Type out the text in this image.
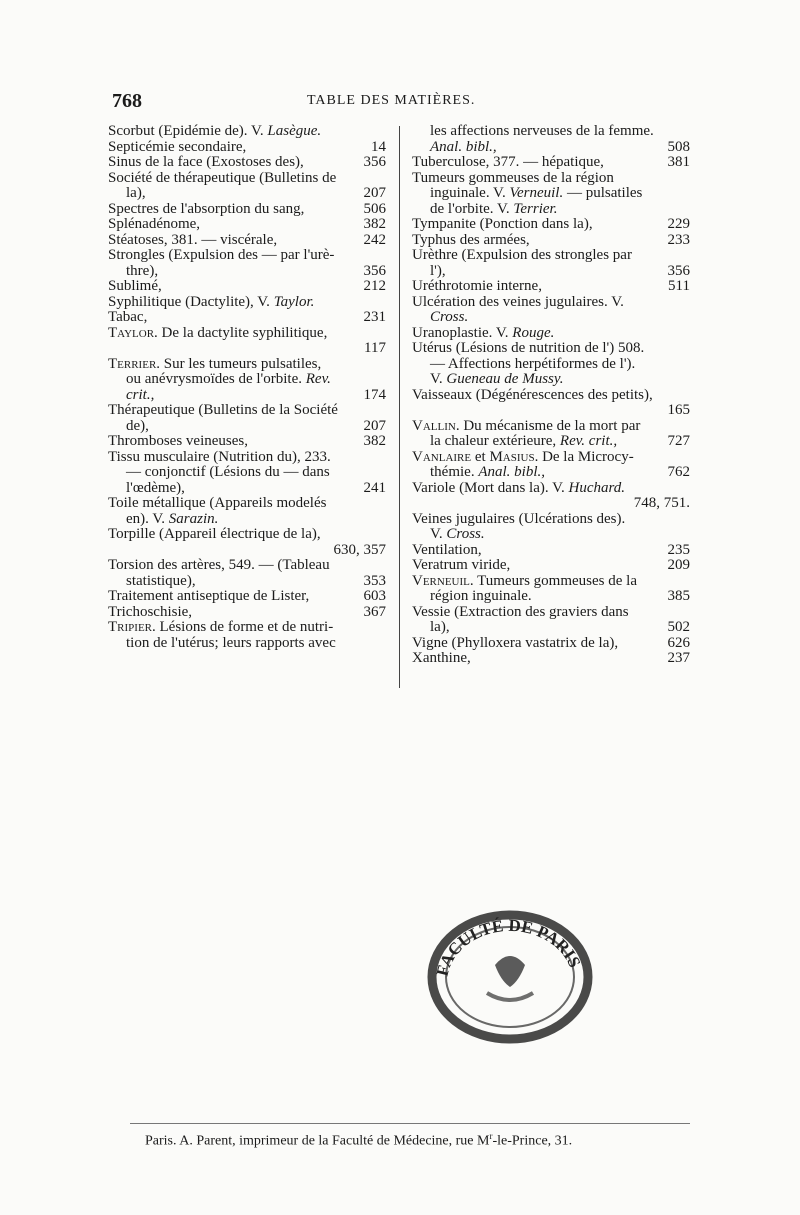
768	TABLE DES MATIÈRES.
Scorbut (Epidémie de). V. Lasègue.
14
Septicémie secondaire,
356
Sinus de la face (Exostoses des),
Société de thérapeutique (Bulletins de
207
la),
506
Spectres de l'absorption du sang,
382
Splénadénome,
242
Stéatoses, 381. — viscérale,
Strongles (Expulsion des — par l'urè-
356
thre),
212
Sublimé,
Syphilitique (Dactylite), V. Taylor.
231
Tabac,
Taylor. De la dactylite syphilitique,
117
Terrier. Sur les tumeurs pulsatiles,
ou anévrysmoïdes de l'orbite. Rev.
174
crit.,
Thérapeutique (Bulletins de la Société
207
de),
382
Thromboses veineuses,
Tissu musculaire (Nutrition du), 233.
— conjonctif (Lésions du — dans
241
l'œdème),
Toile métallique (Appareils modelés
en). V. Sarazin.
Torpille (Appareil électrique de la),
630, 357
Torsion des artères, 549. — (Tableau
353
statistique),
603
Traitement antiseptique de Lister,
367
Trichoschisie,
Tripier. Lésions de forme et de nutri-
tion de l'utérus; leurs rapports avec
les affections nerveuses de la femme.
508
Anal. bibl.,
381
Tuberculose, 377. — hépatique,
Tumeurs gommeuses de la région
inguinale. V. Verneuil. — pulsatiles
de l'orbite. V. Terrier.
229
Tympanite (Ponction dans la),
233
Typhus des armées,
Urèthre (Expulsion des strongles par
356
l'),
511
Uréthrotomie interne,
Ulcération des veines jugulaires. V.
Cross.
Uranoplastie. V. Rouge.
Utérus (Lésions de nutrition de l') 508.
— Affections herpétiformes de l').
V. Gueneau de Mussy.
Vaisseaux (Dégénérescences des petits),
165
Vallin. Du mécanisme de la mort par
727
la chaleur extérieure, Rev. crit.,
Vanlaire et Masius. De la Microcy-
762
thémie. Anal. bibl.,
Variole (Mort dans la). V. Huchard.
748, 751.
Veines jugulaires (Ulcérations des).
V. Cross.
235
Ventilation,
209
Veratrum viride,
Verneuil. Tumeurs gommeuses de la
385
région inguinale.
Vessie (Extraction des graviers dans
502
la),
626
Vigne (Phylloxera vastatrix de la),
237
Xanthine,
FACULTÉ DE PARIS
Paris. A. Parent, imprimeur de la Faculté de Médecine, rue $M^r-le$-Prince, 31.
